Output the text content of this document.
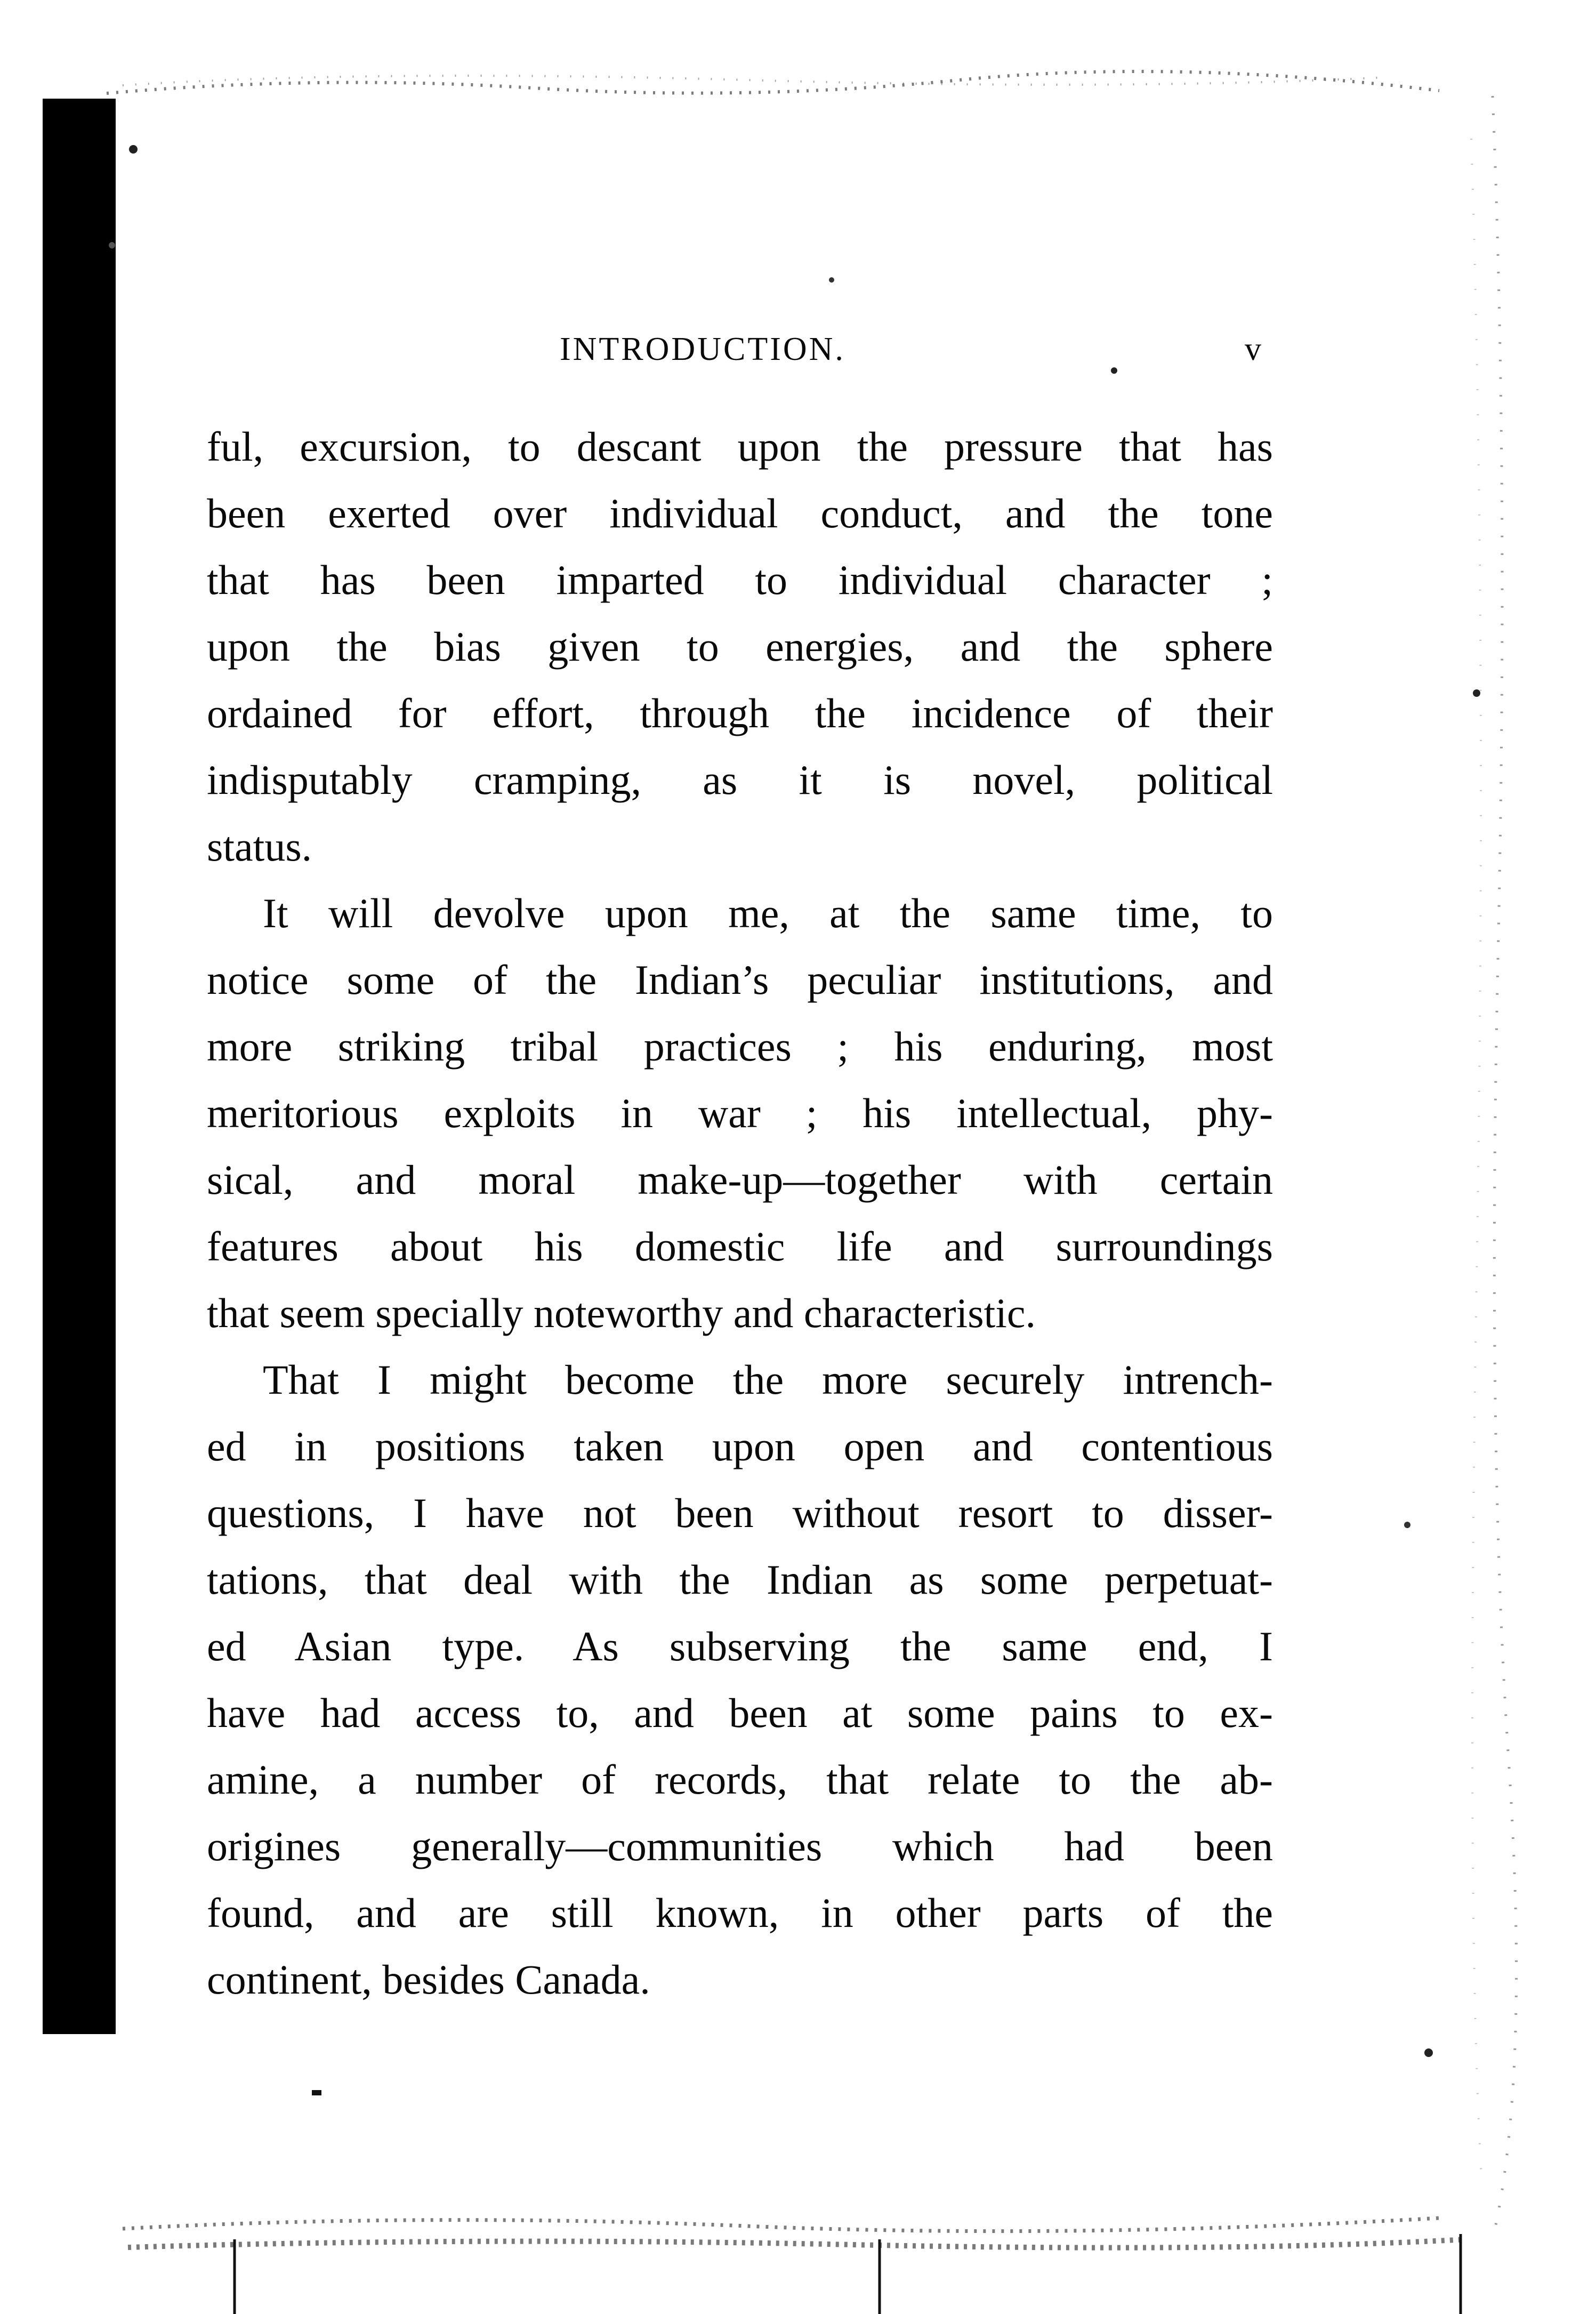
INTRODUCTION.	v
ful, excursion, to descant upon the pressure that has
been exerted over individual conduct, and the tone
that has been imparted to individual character ;
upon the bias given to energies, and the sphere
ordained for effort, through the incidence of their
indisputably cramping, as it is novel, political
status.
It will devolve upon me, at the same time, to
notice some of the Indian’s peculiar institutions, and
more striking tribal practices ; his enduring, most
meritorious exploits in war ; his intellectual, phy-
sical, and moral make-up—together with certain
features about his domestic life and surroundings
that seem specially noteworthy and characteristic.
That I might become the more securely intrench-
ed in positions taken upon open and contentious
questions, I have not been without resort to disser-
tations, that deal with the Indian as some perpetuat-
ed Asian type. As subserving the same end, I
have had access to, and been at some pains to ex-
amine, a number of records, that relate to the ab-
origines generally—communities which had been
found, and are still known, in other parts of the
continent, besides Canada.
